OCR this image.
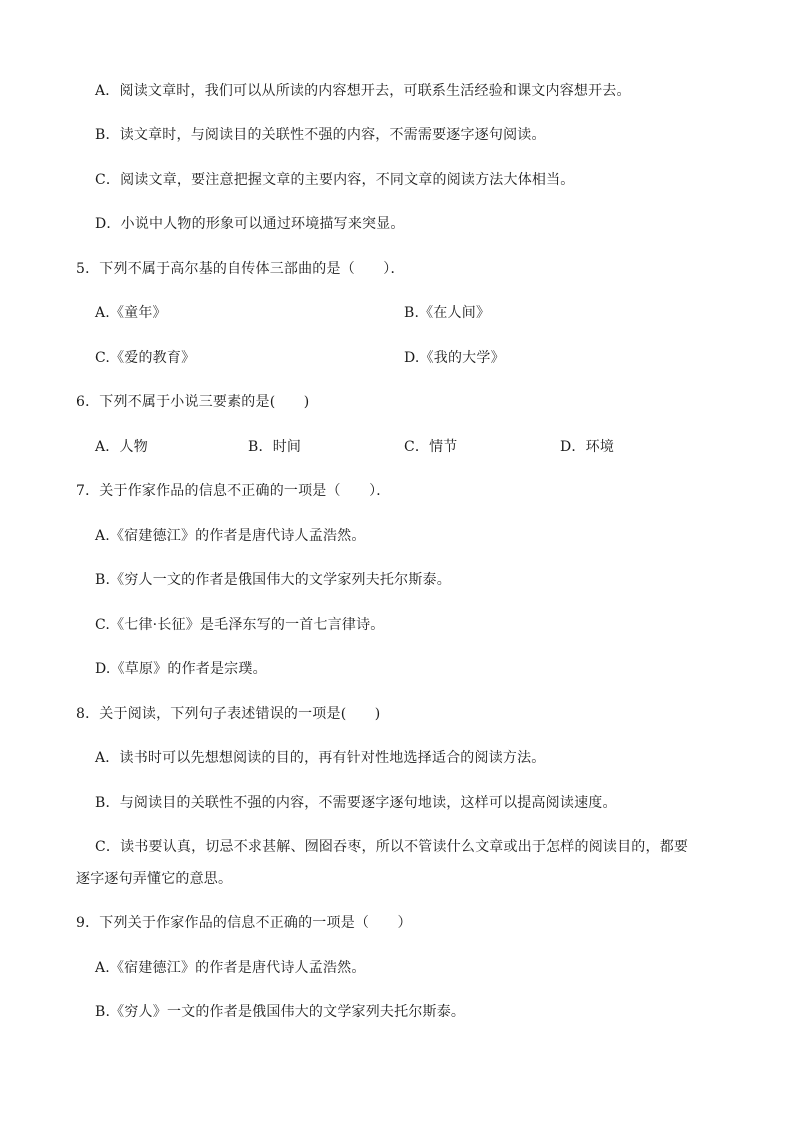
A．阅读文章时，我们可以从所读的内容想开去，可联系生活经验和课文内容想开去。
B．读文章时，与阅读目的关联性不强的内容，不需需要逐字逐句阅读。
C．阅读文章，要注意把握文章的主要内容，不同文章的阅读方法大体相当。
D．小说中人物的形象可以通过环境描写来突显。
5．下列不属于高尔基的自传体三部曲的是（　　）．
A.《童年》	B.《在人间》
C.《爱的教育》	D.《我的大学》
6．下列不属于小说三要素的是(　　)
A．人物	B．时间	C．情节	D．环境
7．关于作家作品的信息不正确的一项是（　　）．
A.《宿建德江》的作者是唐代诗人孟浩然。
B.《穷人一文的作者是俄国伟大的文学家列夫托尔斯泰。
C.《七律·长征》是毛泽东写的一首七言律诗。
D.《草原》的作者是宗璞。
8．关于阅读，下列句子表述错误的一项是(　　)
A．读书时可以先想想阅读的目的，再有针对性地选择适合的阅读方法。
B．与阅读目的关联性不强的内容，不需要逐字逐句地读，这样可以提高阅读速度。
C．读书要认真，切忌不求甚解、囫囵吞枣，所以不管读什么文章或出于怎样的阅读目的，都要
逐字逐句弄懂它的意思。
9．下列关于作家作品的信息不正确的一项是（　　）
A.《宿建德江》的作者是唐代诗人孟浩然。
B.《穷人》一文的作者是俄国伟大的文学家列夫托尔斯泰。
